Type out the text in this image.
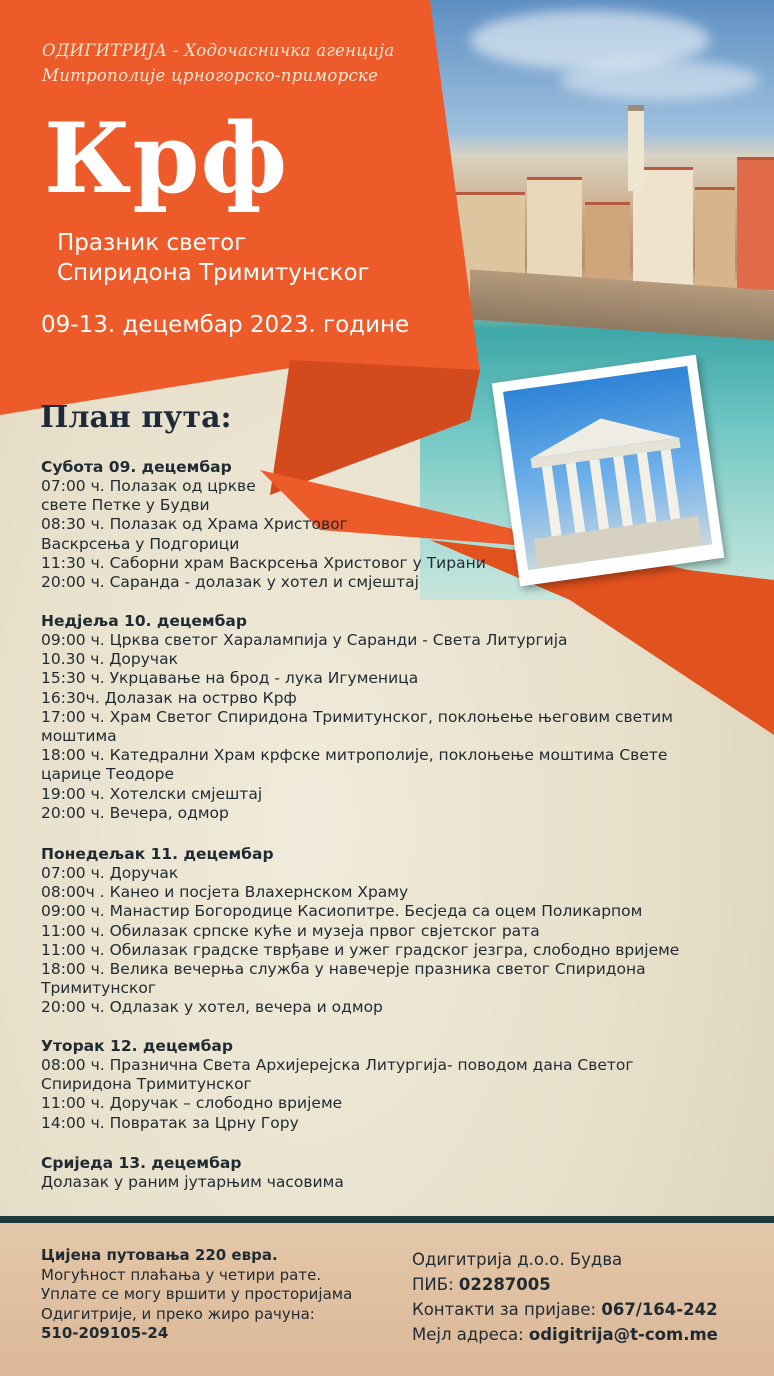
ОДИГИТРИЈА - Ходочасничка агенција
Митрополије црногорско-приморске
Крф
Празник светог
Спиридона Тримитунског
09-13. децембар 2023. године
План пута:
Субота 09. децембар
07:00 ч. Полазак од цркве
свете Петке у Будви
08:30 ч. Полазак од Храма Христовог
Васкрсења у Подгорици
11:30 ч. Саборни храм Васкрсења Христовог у Тирани
20:00 ч. Саранда - долазак у хотел и смјештај
Недјеља 10. децембар
09:00 ч. Црква светог Харалампија у Саранди - Света Литургија
10.30 ч. Доручак
15:30 ч. Укрцавање на брод - лука Игуменица
16:30ч. Долазак на острво Крф
17:00 ч. Храм Светог Спиридона Тримитунског, поклоњење његовим светим
моштима
18:00 ч. Катедрални Храм крфске митрополије, поклоњење моштима Свете
царице Теодоре
19:00 ч. Хотелски смјештај
20:00 ч. Вечера, одмор
Понедељак 11. децембар
07:00 ч. Доручак
08:00ч . Канео и посјета Влахернском Храму
09:00 ч. Манастир Богородице Касиопитре. Бесједа са оцем Поликарпом
11:00 ч. Обилазак српске куће и музеја првог свјетског рата
11:00 ч. Обилазак градске тврђаве и ужег градског језгра, слободно вријеме
18:00 ч. Велика вечерња служба у навечерје празника светог Спиридона
Тримитунског
20:00 ч. Одлазак у хотел, вечера и одмор
Уторак 12. децембар
08:00 ч. Празнична Света Архијерејска Литургија- поводом дана Светог
Спиридона Тримитунског
11:00 ч. Доручак – слободно вријеме
14:00 ч. Повратак за Црну Гору
Сриједа 13. децембар
Долазак у раним јутарњим часовима
Цијена путовања 220 евра.
Могућност плаћања у четири рате.
Уплате се могу вршити у просторијама
Одигитрије, и преко жиро рачуна:
510-209105-24
Одигитрија д.о.о. Будва
ПИБ: 02287005
Контакти за пријаве: 067/164-242
Мејл адреса: odigitrija@t-com.me
